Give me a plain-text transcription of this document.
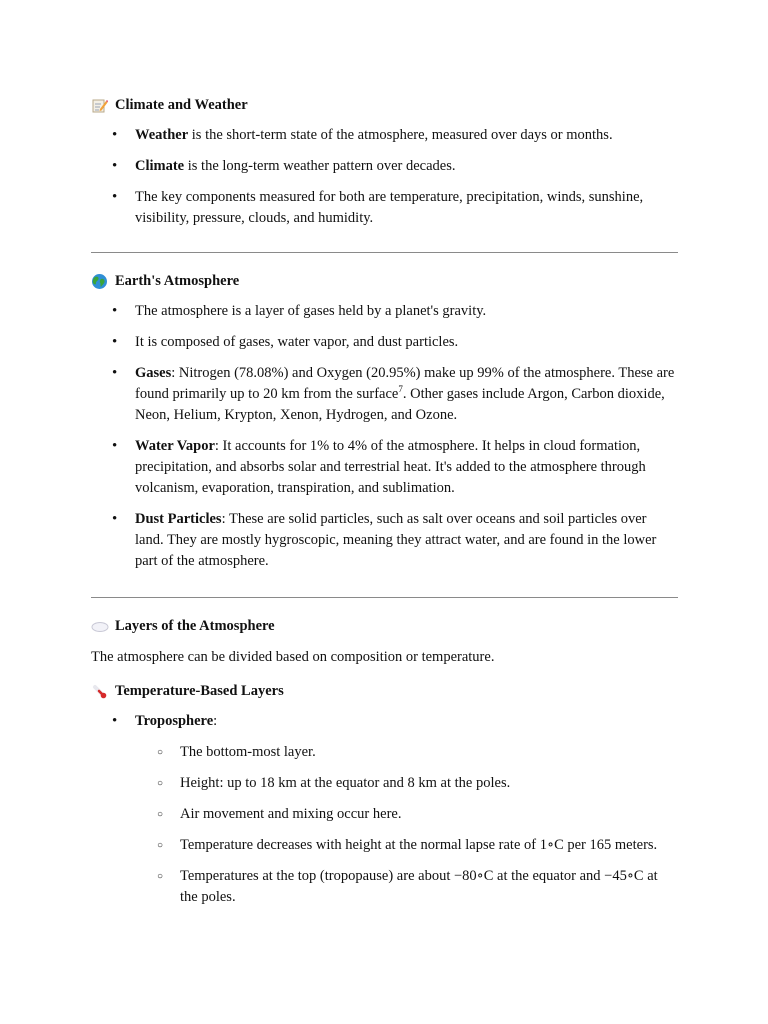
Climate and Weather
• Weather is the short-term state of the atmosphere, measured over days or months.
• Climate is the long-term weather pattern over decades.
• The key components measured for both are temperature, precipitation, winds, sunshine, visibility, pressure, clouds, and humidity.
Earth's Atmosphere
• The atmosphere is a layer of gases held by a planet's gravity.
• It is composed of gases, water vapor, and dust particles.
• Gases: Nitrogen (78.08%) and Oxygen (20.95%) make up 99% of the atmosphere. These are found primarily up to 20 km from the surface$^7$. Other gases include Argon, Carbon dioxide, Neon, Helium, Krypton, Xenon, Hydrogen, and Ozone.
• Water Vapor: It accounts for 1% to 4% of the atmosphere. It helps in cloud formation, precipitation, and absorbs solar and terrestrial heat. It's added to the atmosphere through volcanism, evaporation, transpiration, and sublimation.
• Dust Particles: These are solid particles, such as salt over oceans and soil particles over land. They are mostly hygroscopic, meaning they attract water, and are found in the lower part of the atmosphere.
Layers of the Atmosphere
The atmosphere can be divided based on composition or temperature.
Temperature-Based Layers
• Troposphere:
○ The bottom-most layer.
○ Height: up to 18 km at the equator and 8 km at the poles.
○ Air movement and mixing occur here.
○ Temperature decreases with height at the normal lapse rate of 1∘C per 165 meters.
○ Temperatures at the top (tropopause) are about −80∘C at the equator and −45∘C at the poles.
